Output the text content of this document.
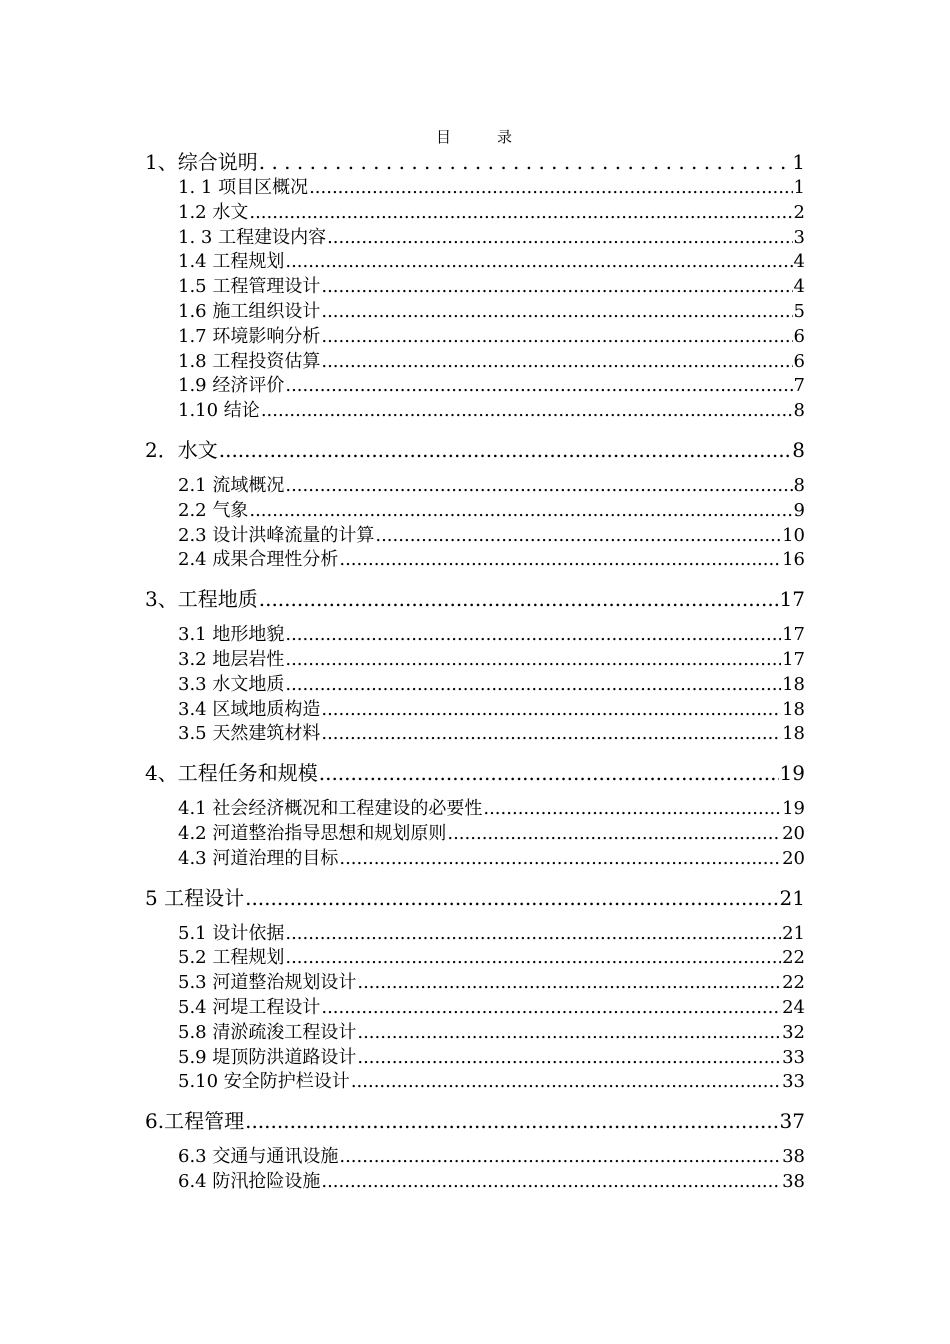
目	录
1、综合说明 . . .	1
1. 1 项目区概况 .....	1
1.2 水文 .....	2
1. 3 工程建设内容 .....	3
1.4 工程规划 .....	4
1.5 工程管理设计 .....	4
1.6 施工组织设计 .....	5
1.7 环境影响分析 .....	6
1.8 工程投资估算 .....	6
1.9 经济评价 .....	7
1.10 结论 .....	8
2．水文 .....	8
2.1 流域概况 .....	8
2.2 气象 .....	9
2.3 设计洪峰流量的计算 .....	10
2.4 成果合理性分析 .....	16
3、工程地质 .....	17
3.1 地形地貌 .....	17
3.2 地层岩性 .....	17
3.3 水文地质 .....	18
3.4 区域地质构造 .....	18
3.5 天然建筑材料 .....	18
4、工程任务和规模 .....	19
4.1 社会经济概况和工程建设的必要性 .....	19
4.2 河道整治指导思想和规划原则 .....	20
4.3 河道治理的目标 .....	20
5 工程设计 .....	21
5.1 设计依据 .....	21
5.2 工程规划 .....	22
5.3 河道整治规划设计 .....	22
5.4 河堤工程设计 .....	24
5.8 清淤疏浚工程设计 .....	32
5.9 堤顶防洪道路设计 .....	33
5.10 安全防护栏设计 .....	33
6.工程管理 .....	37
6.3 交通与通讯设施 .....	38
6.4 防汛抢险设施 .....	38
